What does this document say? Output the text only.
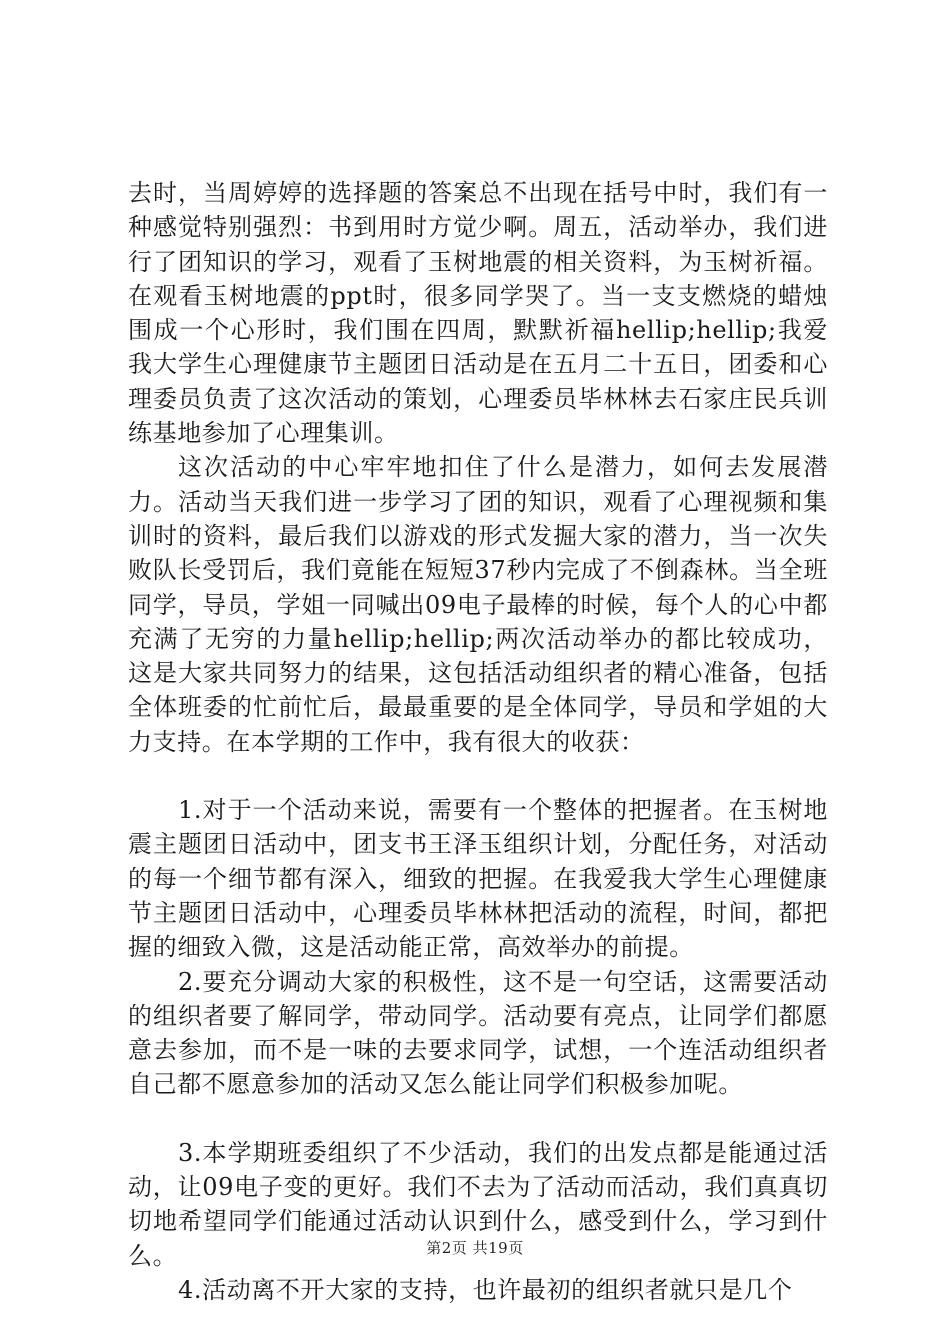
去时，当周婷婷的选择题的答案总不出现在括号中时，我们有一种感觉特别强烈：书到用时方觉少啊。周五，活动举办，我们进行了团知识的学习，观看了玉树地震的相关资料，为玉树祈福。在观看玉树地震的ppt时，很多同学哭了。当一支支燃烧的蜡烛围成一个心形时，我们围在四周，默默祈福hellip;hellip;我爱我大学生心理健康节主题团日活动是在五月二十五日，团委和心理委员负责了这次活动的策划，心理委员毕林林去石家庄民兵训练基地参加了心理集训。

这次活动的中心牢牢地扣住了什么是潜力，如何去发展潜力。活动当天我们进一步学习了团的知识，观看了心理视频和集训时的资料，最后我们以游戏的形式发掘大家的潜力，当一次失败队长受罚后，我们竟能在短短37秒内完成了不倒森林。当全班同学，导员，学姐一同喊出09电子最棒的时候，每个人的心中都充满了无穷的力量hellip;hellip;两次活动举办的都比较成功，这是大家共同努力的结果，这包括活动组织者的精心准备，包括全体班委的忙前忙后，最最重要的是全体同学，导员和学姐的大力支持。在本学期的工作中，我有很大的收获：

1.对于一个活动来说，需要有一个整体的把握者。在玉树地震主题团日活动中，团支书王泽玉组织计划，分配任务，对活动的每一个细节都有深入，细致的把握。在我爱我大学生心理健康节主题团日活动中，心理委员毕林林把活动的流程，时间，都把握的细致入微，这是活动能正常，高效举办的前提。

2.要充分调动大家的积极性，这不是一句空话，这需要活动的组织者要了解同学，带动同学。活动要有亮点，让同学们都愿意去参加，而不是一味的去要求同学，试想，一个连活动组织者自己都不愿意参加的活动又怎么能让同学们积极参加呢。

3.本学期班委组织了不少活动，我们的出发点都是能通过活动，让09电子变的更好。我们不去为了活动而活动，我们真真切切地希望同学们能通过活动认识到什么，感受到什么，学习到什么。

4.活动离不开大家的支持，也许最初的组织者就只是几个

第2页 共19页
